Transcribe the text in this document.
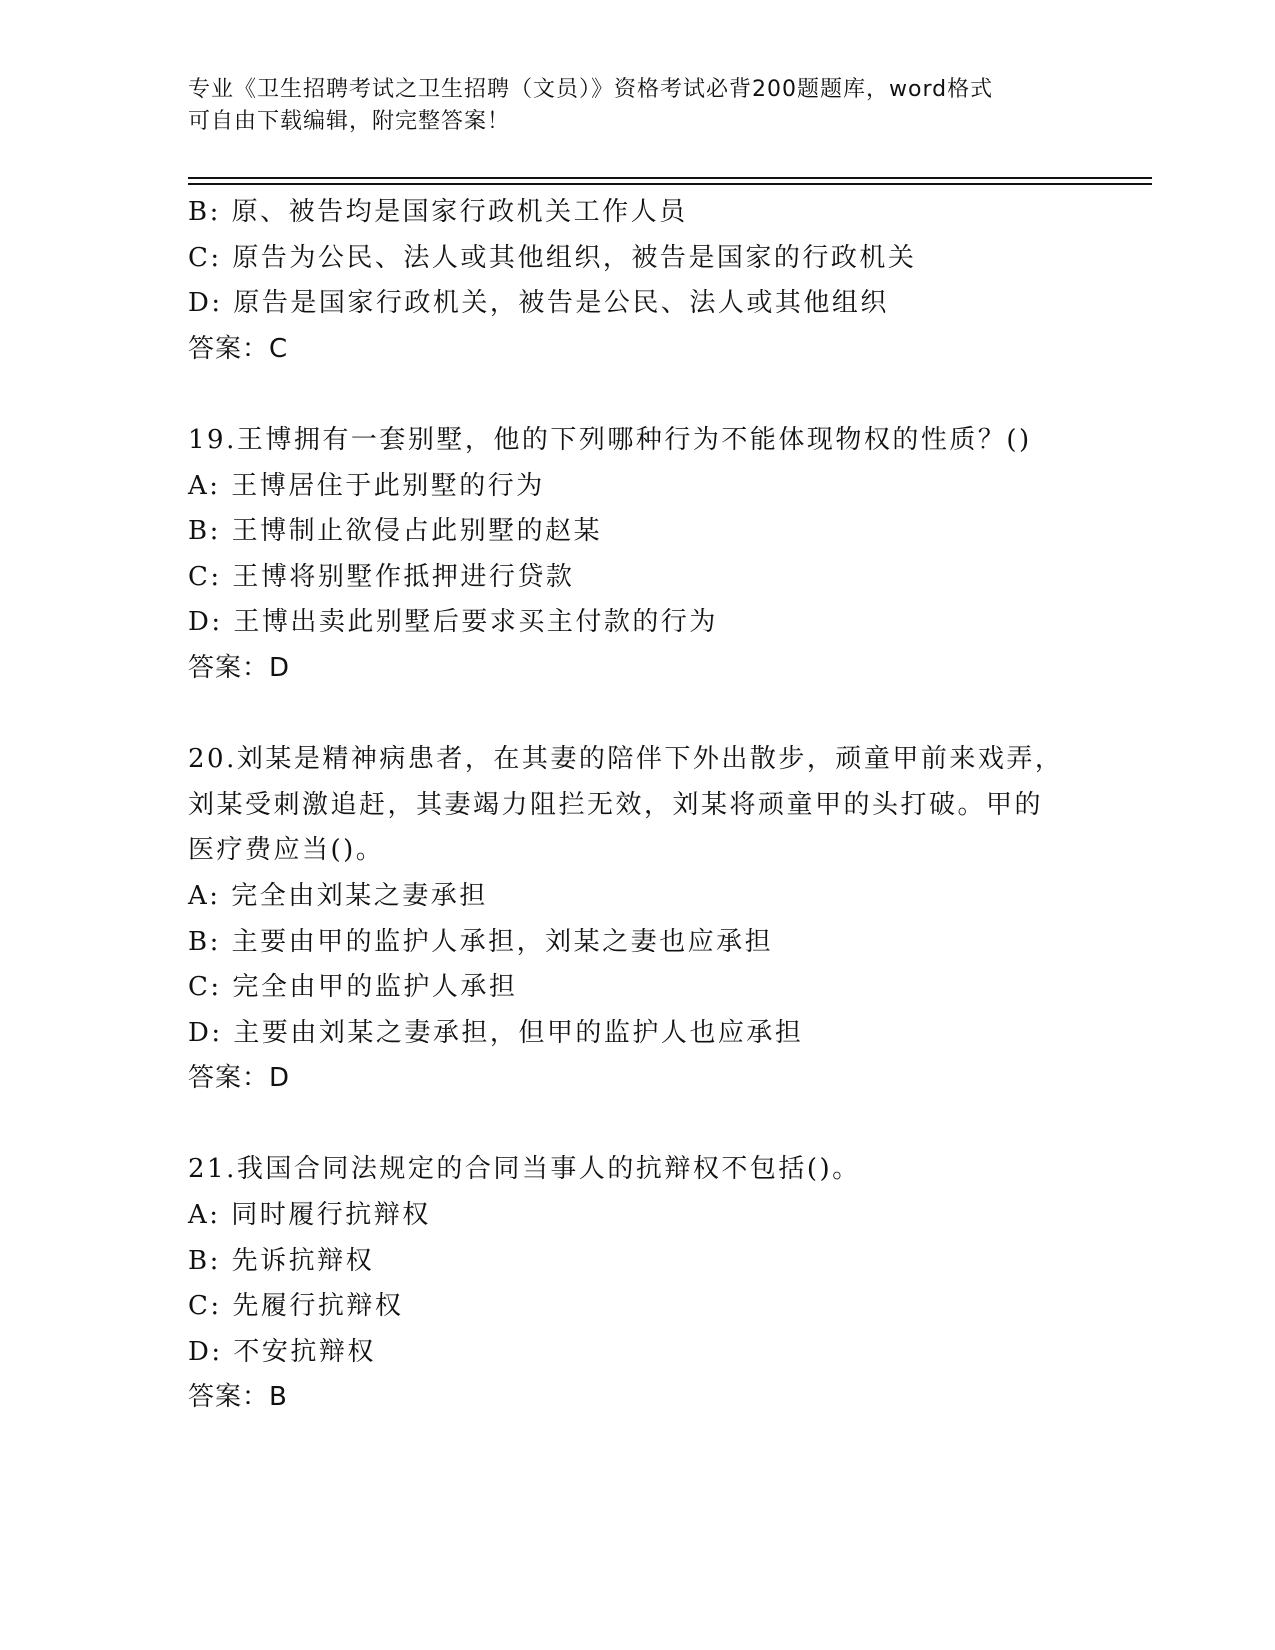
专业《卫生招聘考试之卫生招聘（文员）》资格考试必背200题题库，word格式
可自由下载编辑，附完整答案！
B: 原、被告均是国家行政机关工作人员
C: 原告为公民、法人或其他组织，被告是国家的行政机关
D: 原告是国家行政机关，被告是公民、法人或其他组织
答案：C
19.王博拥有一套别墅，他的下列哪种行为不能体现物权的性质？()
A: 王博居住于此别墅的行为
B: 王博制止欲侵占此别墅的赵某
C: 王博将别墅作抵押进行贷款
D: 王博出卖此别墅后要求买主付款的行为
答案：D
20.刘某是精神病患者，在其妻的陪伴下外出散步，顽童甲前来戏弄，
刘某受刺激追赶，其妻竭力阻拦无效，刘某将顽童甲的头打破。甲的
医疗费应当()。
A: 完全由刘某之妻承担
B: 主要由甲的监护人承担，刘某之妻也应承担
C: 完全由甲的监护人承担
D: 主要由刘某之妻承担，但甲的监护人也应承担
答案：D
21.我国合同法规定的合同当事人的抗辩权不包括()。
A: 同时履行抗辩权
B: 先诉抗辩权
C: 先履行抗辩权
D: 不安抗辩权
答案：B
